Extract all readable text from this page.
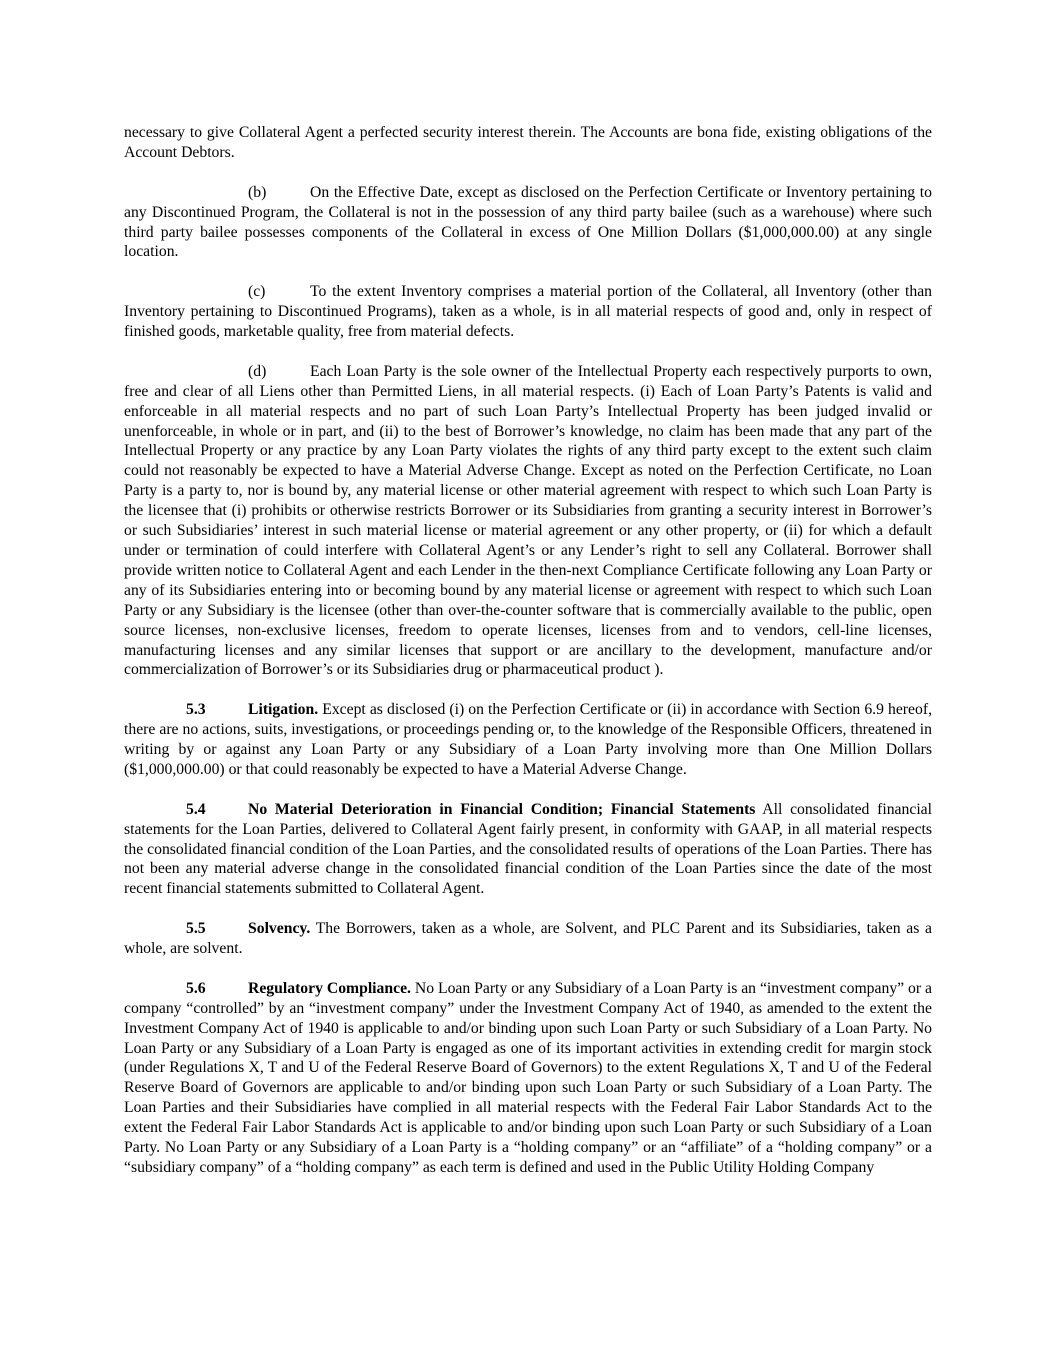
necessary to give Collateral Agent a perfected security interest therein. The Accounts are bona fide, existing obligations of the Account Debtors.

(b)	On the Effective Date, except as disclosed on the Perfection Certificate or Inventory pertaining to any Discontinued Program, the Collateral is not in the possession of any third party bailee (such as a warehouse) where such third party bailee possesses components of the Collateral in excess of One Million Dollars ($1,000,000.00) at any single location.

(c)	To the extent Inventory comprises a material portion of the Collateral, all Inventory (other than Inventory pertaining to Discontinued Programs), taken as a whole, is in all material respects of good and, only in respect of finished goods, marketable quality, free from material defects.

(d)	Each Loan Party is the sole owner of the Intellectual Property each respectively purports to own, free and clear of all Liens other than Permitted Liens, in all material respects. (i) Each of Loan Party’s Patents is valid and enforceable in all material respects and no part of such Loan Party’s Intellectual Property has been judged invalid or unenforceable, in whole or in part, and (ii) to the best of Borrower’s knowledge, no claim has been made that any part of the Intellectual Property or any practice by any Loan Party violates the rights of any third party except to the extent such claim could not reasonably be expected to have a Material Adverse Change. Except as noted on the Perfection Certificate, no Loan Party is a party to, nor is bound by, any material license or other material agreement with respect to which such Loan Party is the licensee that (i) prohibits or otherwise restricts Borrower or its Subsidiaries from granting a security interest in Borrower’s or such Subsidiaries’ interest in such material license or material agreement or any other property, or (ii) for which a default under or termination of could interfere with Collateral Agent’s or any Lender’s right to sell any Collateral. Borrower shall provide written notice to Collateral Agent and each Lender in the then-next Compliance Certificate following any Loan Party or any of its Subsidiaries entering into or becoming bound by any material license or agreement with respect to which such Loan Party or any Subsidiary is the licensee (other than over-the-counter software that is commercially available to the public, open source licenses, non-exclusive licenses, freedom to operate licenses, licenses from and to vendors, cell-line licenses, manufacturing licenses and any similar licenses that support or are ancillary to the development, manufacture and/or commercialization of Borrower’s or its Subsidiaries drug or pharmaceutical product ).

5.3	Litigation. Except as disclosed (i) on the Perfection Certificate or (ii) in accordance with Section 6.9 hereof, there are no actions, suits, investigations, or proceedings pending or, to the knowledge of the Responsible Officers, threatened in writing by or against any Loan Party or any Subsidiary of a Loan Party involving more than One Million Dollars ($1,000,000.00) or that could reasonably be expected to have a Material Adverse Change.

5.4	No Material Deterioration in Financial Condition; Financial Statements All consolidated financial statements for the Loan Parties, delivered to Collateral Agent fairly present, in conformity with GAAP, in all material respects the consolidated financial condition of the Loan Parties, and the consolidated results of operations of the Loan Parties. There has not been any material adverse change in the consolidated financial condition of the Loan Parties since the date of the most recent financial statements submitted to Collateral Agent.

5.5	Solvency. The Borrowers, taken as a whole, are Solvent, and PLC Parent and its Subsidiaries, taken as a whole, are solvent.

5.6	Regulatory Compliance. No Loan Party or any Subsidiary of a Loan Party is an “investment company” or a company “controlled” by an “investment company” under the Investment Company Act of 1940, as amended to the extent the Investment Company Act of 1940 is applicable to and/or binding upon such Loan Party or such Subsidiary of a Loan Party. No Loan Party or any Subsidiary of a Loan Party is engaged as one of its important activities in extending credit for margin stock (under Regulations X, T and U of the Federal Reserve Board of Governors) to the extent Regulations X, T and U of the Federal Reserve Board of Governors are applicable to and/or binding upon such Loan Party or such Subsidiary of a Loan Party. The Loan Parties and their Subsidiaries have complied in all material respects with the Federal Fair Labor Standards Act to the extent the Federal Fair Labor Standards Act is applicable to and/or binding upon such Loan Party or such Subsidiary of a Loan Party. No Loan Party or any Subsidiary of a Loan Party is a “holding company” or an “affiliate” of a “holding company” or a “subsidiary company” of a “holding company” as each term is defined and used in the Public Utility Holding Company
